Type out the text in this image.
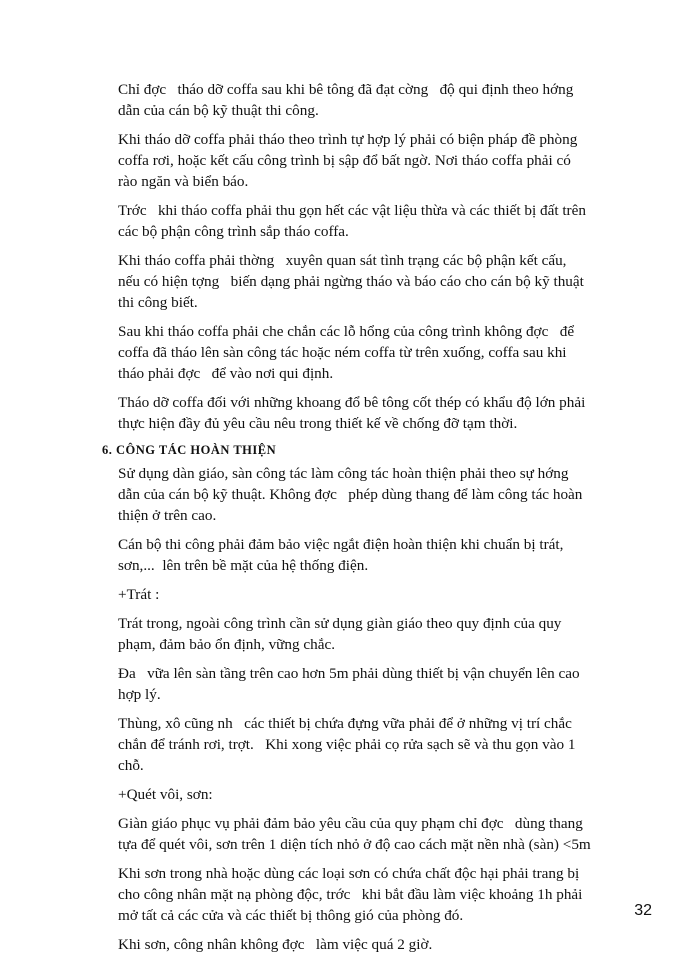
Chỉ đợc   tháo dỡ coffa sau khi bê tông đã đạt cờng   độ qui định theo hớng
dẫn của cán bộ kỹ thuật thi công.
Khi tháo dỡ coffa phải tháo theo trình tự hợp lý phải có biện pháp đề phòng
coffa rơi, hoặc kết cấu công trình bị sập đổ bất ngờ. Nơi tháo coffa phải có
rào ngăn và biển báo.
Trớc   khi tháo coffa phải thu gọn hết các vật liệu thừa và các thiết bị đất trên
các bộ phận công trình sắp tháo coffa.
Khi tháo coffa phải thờng   xuyên quan sát tình trạng các bộ phận kết cấu,
nếu có hiện tợng   biến dạng phải ngừng tháo và báo cáo cho cán bộ kỹ thuật
thi công biết.
Sau khi tháo coffa phải che chắn các lỗ hổng của công trình không đợc   để
coffa đã tháo lên sàn công tác hoặc ném coffa từ trên xuống, coffa sau khi
tháo phải đợc   để vào nơi qui định.
Tháo dỡ coffa đối với những khoang đổ bê tông cốt thép có khẩu độ lớn phải
thực hiện đầy đủ yêu cầu nêu trong thiết kế về chống đỡ tạm thời.
6. CÔNG TÁC HOÀN THIỆN
Sử dụng dàn giáo, sàn công tác làm công tác hoàn thiện phải theo sự hớng
dẫn của cán bộ kỹ thuật. Không đợc   phép dùng thang để làm công tác hoàn
thiện ở trên cao.
Cán bộ thi công phải đảm bảo việc ngắt điện hoàn thiện khi chuẩn bị trát,
sơn,...  lên trên bề mặt của hệ thống điện.
+Trát :
Trát trong, ngoài công trình cần sử dụng giàn giáo theo quy định của quy
phạm, đảm bảo ổn định, vững chắc.
Đa   vữa lên sàn tầng trên cao hơn 5m phải dùng thiết bị vận chuyển lên cao
hợp lý.
Thùng, xô cũng nh   các thiết bị chứa đựng vữa phải để ở những vị trí chắc
chắn để tránh rơi, trợt.   Khi xong việc phải cọ rửa sạch sẽ và thu gọn vào 1
chỗ.
+Quét vôi, sơn:
Giàn giáo phục vụ phải đảm bảo yêu cầu của quy phạm chỉ đợc   dùng thang
tựa để quét vôi, sơn trên 1 diện tích nhỏ ở độ cao cách mặt nền nhà (sàn) <5m
Khi sơn trong nhà hoặc dùng các loại sơn có chứa chất độc hại phải trang bị
cho công nhân mặt nạ phòng độc, trớc   khi bắt đầu làm việc khoảng 1h phải
mở tất cả các cửa và các thiết bị thông gió của phòng đó.
Khi sơn, công nhân không đợc   làm việc quá 2 giờ.
32
